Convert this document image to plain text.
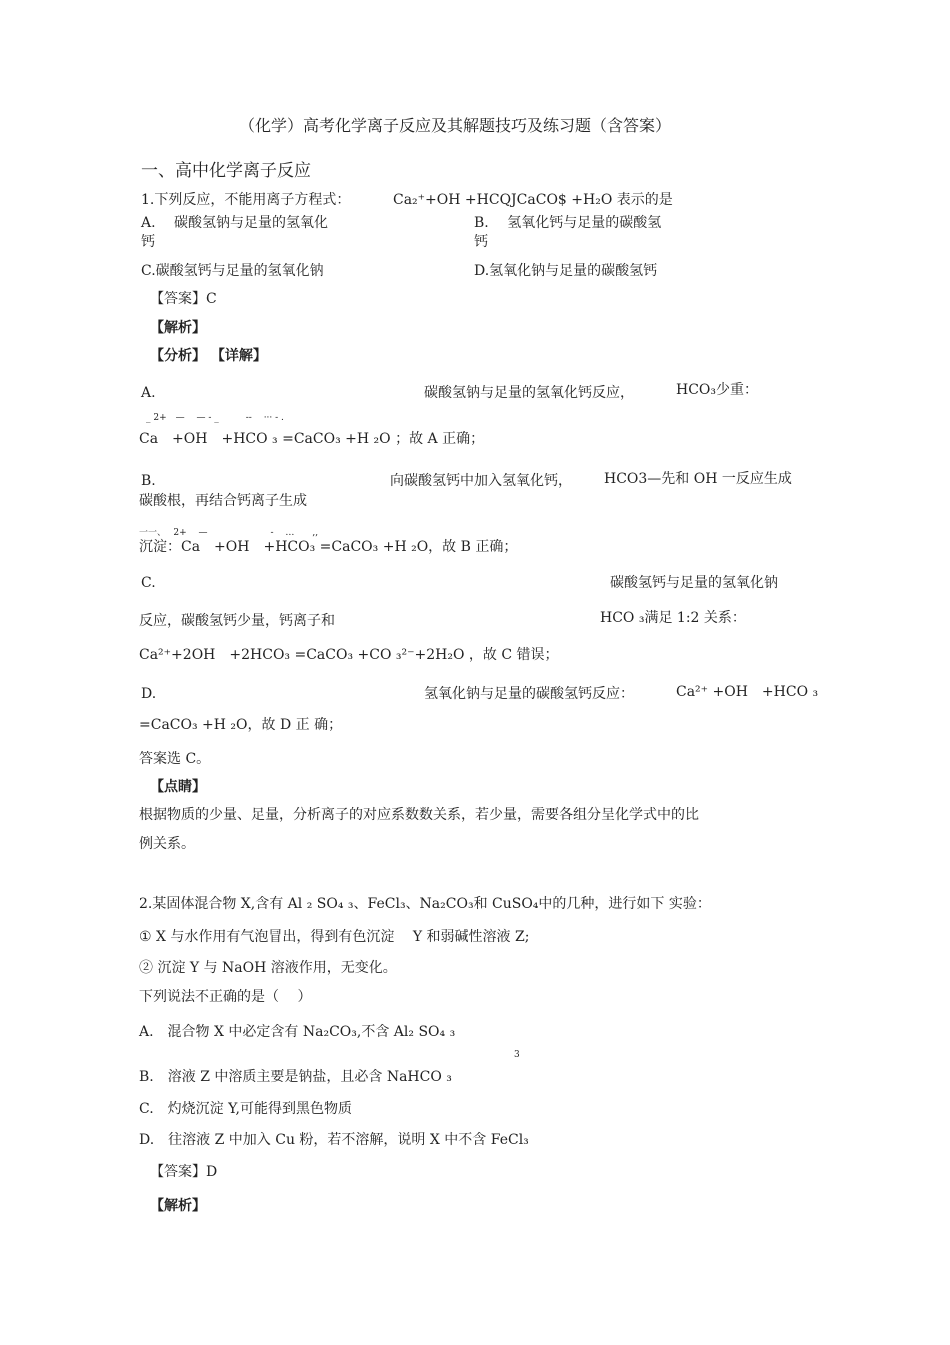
（化学）高考化学离子反应及其解题技巧及练习题（含答案）
一、高中化学离子反应
1.下列反应，不能用离子方程式：	Ca₂⁺+OH +HCQJCaCO$ +H₂O 表示的是
A.　 碳酸氢钠与足量的氢氧化
钙
B.　 氢氧化钙与足量的碳酸氢
钙
C.碳酸氢钙与足量的氢氧化钠	D.氢氧化钠与足量的碳酸氢钙
【答案】C
【解析】
【分析】 【详解】
A.	碳酸氢钠与足量的氢氧化钙反应，	HCO₃少重：
_ 2+　—　 — - _　　　--　 ··· - .
Ca　+OH　+HCO ₃ =CaCO₃ +H ₂O ；故 A 正确；
B.	向碳酸氢钙中加入氢氧化钙， HCO3—先和 OH 一反应生成
碳酸根，再结合钙离子生成
一一、　 2+　 —　　　　　　　-　 …　　,,
沉淀：Ca　+OH　+HCO₃ =CaCO₃ +H ₂O，故 B 正确；
C.	碳酸氢钙与足量的氢氧化钠
反应，碳酸氢钙少量，钙离子和	HCO ₃满足 1:2 关系：
Ca²⁺+2OH　+2HCO₃ =CaCO₃ +CO ₃²⁻+2H₂O ，故 C 错误；
D.	氢氧化钠与足量的碳酸氢钙反应：	Ca²⁺ +OH　+HCO ₃
=CaCO₃ +H ₂O，故 D 正 确；
答案选 C。
【点睛】
根据物质的少量、足量，分析离子的对应系数数关系，若少量，需要各组分呈化学式中的比
例关系。
2.某固体混合物 X,含有 Al ₂ SO₄ ₃、FeCl₃、Na₂CO₃和 CuSO₄中的几种，进行如下 实验：
① X 与水作用有气泡冒出，得到有色沉淀　 Y 和弱碱性溶液 Z;
② 沉淀 Y 与 NaOH 溶液作用，无变化。
下列说法不正确的是（　 ）
A.　混合物 X 中必定含有 Na₂CO₃,不含 Al₂ SO₄ ₃
3
B.　溶液 Z 中溶质主要是钠盐，且必含 NaHCO ₃
C.　灼烧沉淀 Y,可能得到黑色物质
D.　往溶液 Z 中加入 Cu 粉，若不溶解，说明 X 中不含 FeCl₃
【答案】D
【解析】
